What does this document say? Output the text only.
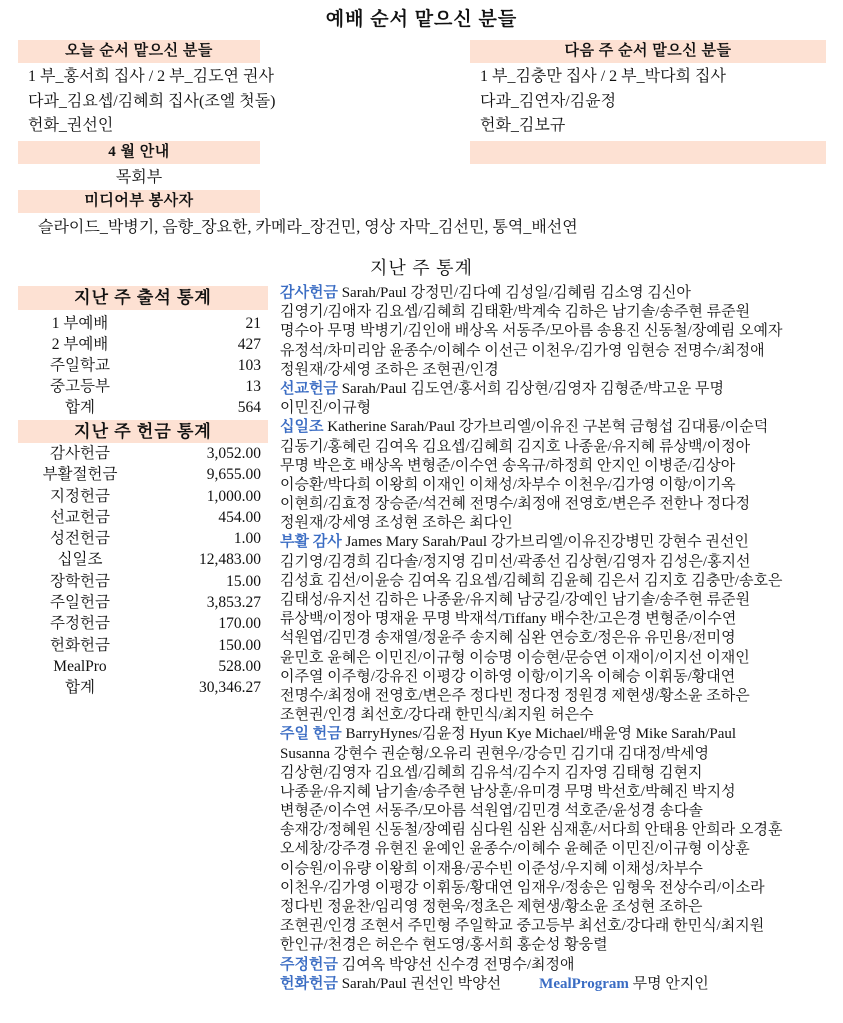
예배 순서 맡으신 분들
오늘 순서 맡으신 분들
1 부_홍서희 집사 / 2 부_김도연 권사
다과_김요셉/김혜희 집사(조엘 첫돌)
헌화_권선인
다음 주 순서 맡으신 분들
1 부_김충만 집사 / 2 부_박다희 집사
다과_김연자/김윤정
헌화_김보규
4 월 안내
목회부
미디어부 봉사자
슬라이드_박병기, 음향_장요한, 카메라_장건민, 영상 자막_김선민, 통역_배선연
지난 주 통계
지난 주 출석 통계
1 부예배	21
2 부예배	427
주일학교	103
중고등부	13
합계	564
지난 주 헌금 통계
감사헌금	3,052.00
부활절헌금	9,655.00
지정헌금	1,000.00
선교헌금	454.00
성전헌금	1.00
십일조	12,483.00
장학헌금	15.00
주일헌금	3,853.27
주정헌금	170.00
헌화헌금	150.00
MealPro	528.00
합계	30,346.27
감사헌금 Sarah/Paul 강정민/김다예 김성일/김혜림 김소영 김신아
김영기/김애자 김요셉/김혜희 김태환/박계숙 김하은 남기솔/송주현 류준원
명수아 무명 박병기/김인애 배상옥 서동주/모아름 송용진 신동철/장예림 오예자
유정석/차미리암 윤종수/이혜수 이선근 이천우/김가영 임현승 전명수/최정애
정원재/강세영 조하은 조현권/인경
선교헌금 Sarah/Paul 김도연/홍서희 김상현/김영자 김형준/박고운 무명
이민진/이규형
십일조 Katherine Sarah/Paul 강가브리엘/이유진 구본혁 금형섭 김대룡/이순덕
김동기/홍혜린 김여옥 김요셉/김혜희 김지호 나종윤/유지혜 류상백/이정아
무명 박은호 배상옥 변형준/이수연 송옥규/하정희 안지인 이병준/김상아
이승환/박다희 이왕희 이재인 이채성/차부수 이천우/김가영 이항/이기옥
이현희/김효정 장승준/석건혜 전명수/최정애 전영호/변은주 전한나 정다정
정원재/강세영 조성현 조하은 최다인
부활 감사 James Mary Sarah/Paul 강가브리엘/이유진강병민 강현수 권선인
김기영/김경희 김다솔/정지영 김미선/곽종선 김상현/김영자 김성은/홍지선
김성효 김선/이윤승 김여옥 김요셉/김혜희 김윤혜 김은서 김지호 김충만/송호은
김태성/유지선 김하은 나종윤/유지혜 남궁길/강예인 남기솔/송주현 류준원
류상백/이정아 명재윤 무명 박재석/Tiffany 배수찬/고은경 변형준/이수연
석원엽/김민경 송재열/정윤주 송지혜 심완 연승호/정은유 유민용/전미영
윤민호 윤혜은 이민진/이규형 이승명 이승현/문승연 이재이/이지선 이재인
이주열 이주형/강유진 이평강 이하영 이항/이기옥 이혜승 이휘동/황대연
전명수/최정애 전영호/변은주 정다빈 정다정 정원경 제현생/황소윤 조하은
조현권/인경 최선호/강다래 한민식/최지원 허은수
주일 헌금 BarryHynes/김윤정 Hyun Kye Michael/배윤영 Mike Sarah/Paul
Susanna 강현수 권순형/오유리 권현우/강승민 김기대 김대정/박세영
김상현/김영자 김요셉/김혜희 김유석/김수지 김자영 김태형 김현지
나종윤/유지혜 남기솔/송주현 남상훈/유미경 무명 박선호/박혜진 박지성
변형준/이수연 서동주/모아름 석원엽/김민경 석호준/윤성경 송다솔
송재강/정혜원 신동철/장예림 심다원 심완 심재훈/서다희 안태용 안희라 오경훈
오세창/강주경 유현진 윤예인 윤종수/이혜수 윤혜준 이민진/이규형 이상훈
이승원/이유량 이왕희 이재용/공수빈 이준성/우지혜 이채성/차부수
이천우/김가영 이평강 이휘동/황대연 임재우/정송은 임형욱 전상수리/이소라
정다빈 정윤찬/임리영 정현욱/정초은 제현생/황소윤 조성현 조하은
조현권/인경 조현서 주민형 주일학교 중고등부 최선호/강다래 한민식/최지원
한인규/천경은 허은수 현도영/홍서희 홍순성 황웅렬
주정헌금 김여옥 박양선 신수경 전명수/최정애
헌화헌금 Sarah/Paul 권선인 박양선	MealProgram 무명 안지인
